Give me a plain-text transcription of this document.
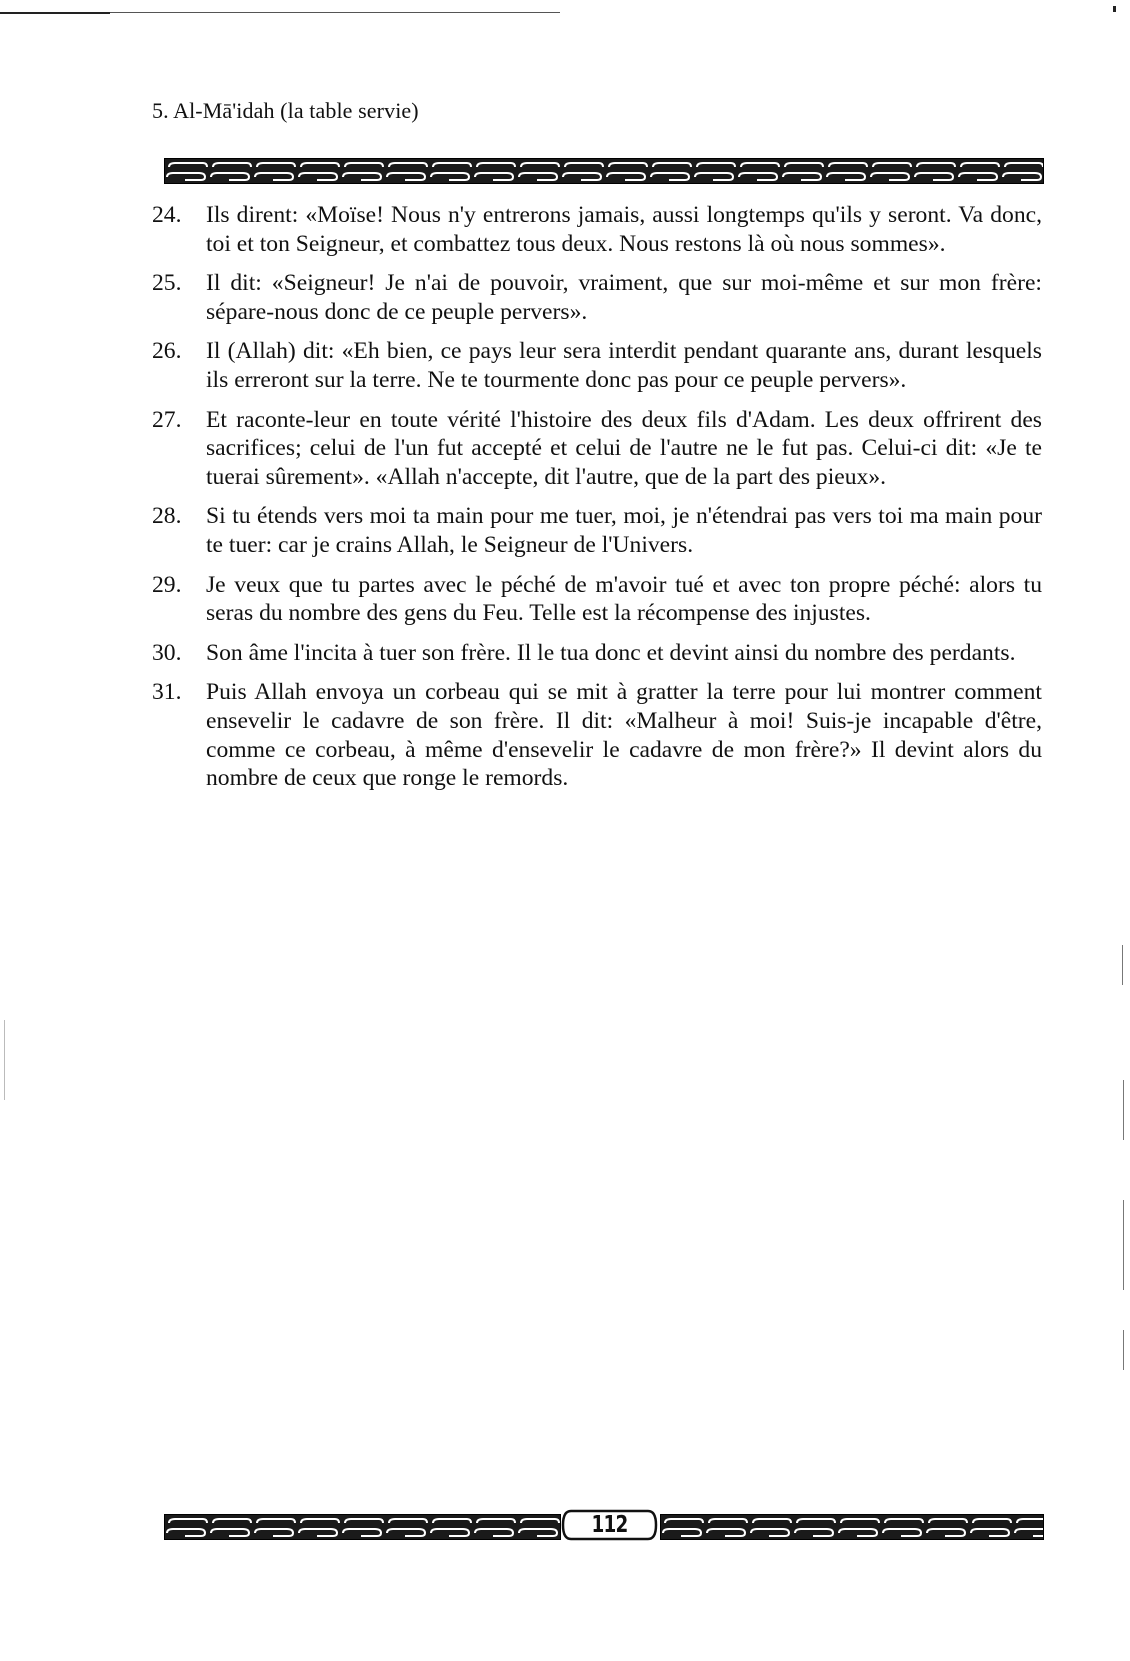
5. Al-Mā'idah (la table servie)
24.	Ils dirent: «Moïse! Nous n'y entrerons jamais, aussi longtemps qu'ils y seront. Va donc, toi et ton Seigneur, et combattez tous deux. Nous restons là où nous sommes».
25.	Il dit: «Seigneur! Je n'ai de pouvoir, vraiment, que sur moi-même et sur mon frère: sépare-nous donc de ce peuple pervers».
26.	Il (Allah) dit: «Eh bien, ce pays leur sera interdit pendant quarante ans, durant lesquels ils erreront sur la terre. Ne te tourmente donc pas pour ce peuple pervers».
27.	Et raconte-leur en toute vérité l'histoire des deux fils d'Adam. Les deux offrirent des sacrifices; celui de l'un fut accepté et celui de l'autre ne le fut pas. Celui-ci dit: «Je te tuerai sûrement». «Allah n'accepte, dit l'autre, que de la part des pieux».
28.	Si tu étends vers moi ta main pour me tuer, moi, je n'étendrai pas vers toi ma main pour te tuer: car je crains Allah, le Seigneur de l'Univers.
29.	Je veux que tu partes avec le péché de m'avoir tué et avec ton propre péché: alors tu seras du nombre des gens du Feu. Telle est la récompense des injustes.
30.	Son âme l'incita à tuer son frère. Il le tua donc et devint ainsi du nombre des perdants.
31.	Puis Allah envoya un corbeau qui se mit à gratter la terre pour lui montrer comment ensevelir le cadavre de son frère. Il dit: «Malheur à moi! Suis-je incapable d'être, comme ce corbeau, à même d'ensevelir le cadavre de mon frère?» Il devint alors du nombre de ceux que ronge le remords.
112
